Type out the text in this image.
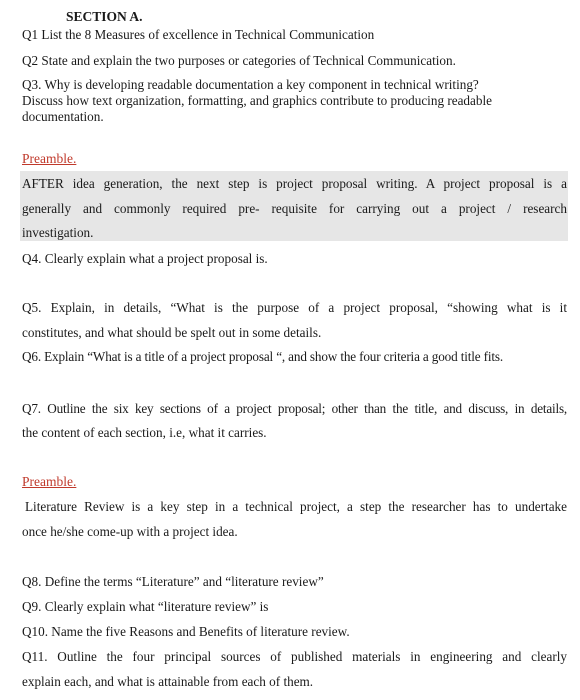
SECTION A.
Q1 List the 8 Measures of excellence in Technical Communication
Q2 State and explain the two purposes or categories of Technical Communication.
Q3. Why is developing readable documentation a key component in technical writing?
Discuss how text organization, formatting, and graphics contribute to producing readable
documentation.
Preamble.
AFTER idea generation, the next step is project proposal writing. A project proposal is a
generally and commonly required pre- requisite for carrying out a project / research
investigation.
Q4. Clearly explain what a project proposal is.
Q5. Explain, in details, “What is the purpose of a project proposal, “showing what is it
constitutes, and what should be spelt out in some details.
Q6. Explain “What is a title of a project proposal “, and show the four criteria a good title fits.
Q7. Outline the six key sections of a project proposal; other than the title, and discuss, in details,
the content of each section, i.e, what it carries.
Preamble.
Literature Review is a key step in a technical project, a step the researcher has to undertake
once he/she come-up with a project idea.
Q8. Define the terms “Literature” and “literature review”
Q9. Clearly explain what “literature review” is
Q10. Name the five Reasons and Benefits of literature review.
Q11. Outline the four principal sources of published materials in engineering and clearly
explain each, and what is attainable from each of them.
